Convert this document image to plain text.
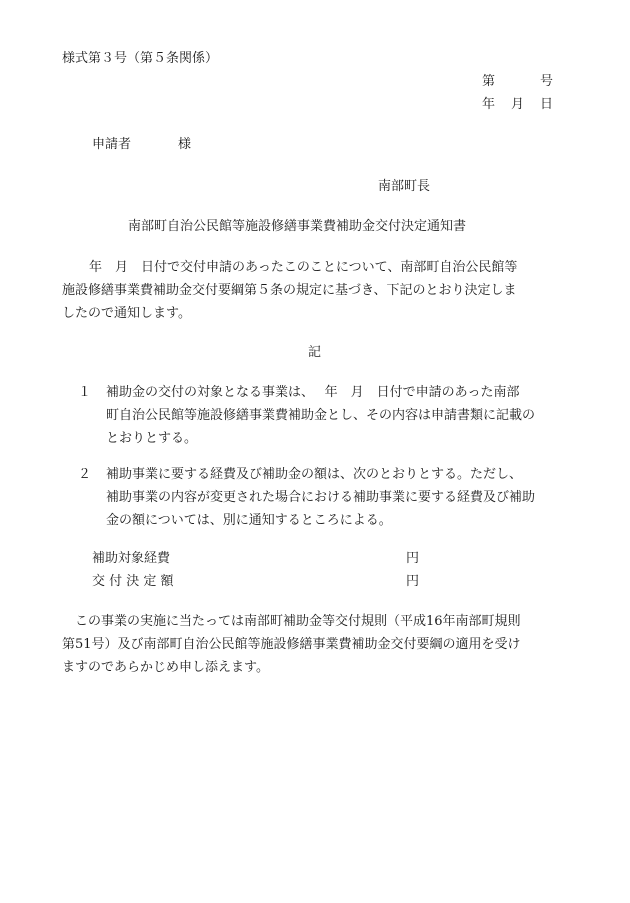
様式第３号（第５条関係）
第	号
年 月 日
申請者	様
南部町長
南部町自治公民館等施設修繕事業費補助金交付決定通知書
　年　月　日付で交付申請のあったこのことについて、南部町自治公民館等
施設修繕事業費補助金交付要綱第５条の規定に基づき、下記のとおり決定しま
したので通知します。
記
１	補助金の交付の対象となる事業は、　 年　月　日付で申請のあった南部
町自治公民館等施設修繕事業費補助金とし、その内容は申請書類に記載の
とおりとする。
２	補助事業に要する経費及び補助金の額は、次のとおりとする。ただし、
補助事業の内容が変更された場合における補助事業に要する経費及び補助
金の額については、別に通知するところによる。
補助対象経費	円
交 付 決 定 額	円
　この事業の実施に当たっては南部町補助金等交付規則（平成16年南部町規則
第51号）及び南部町自治公民館等施設修繕事業費補助金交付要綱の適用を受け
ますのであらかじめ申し添えます。
